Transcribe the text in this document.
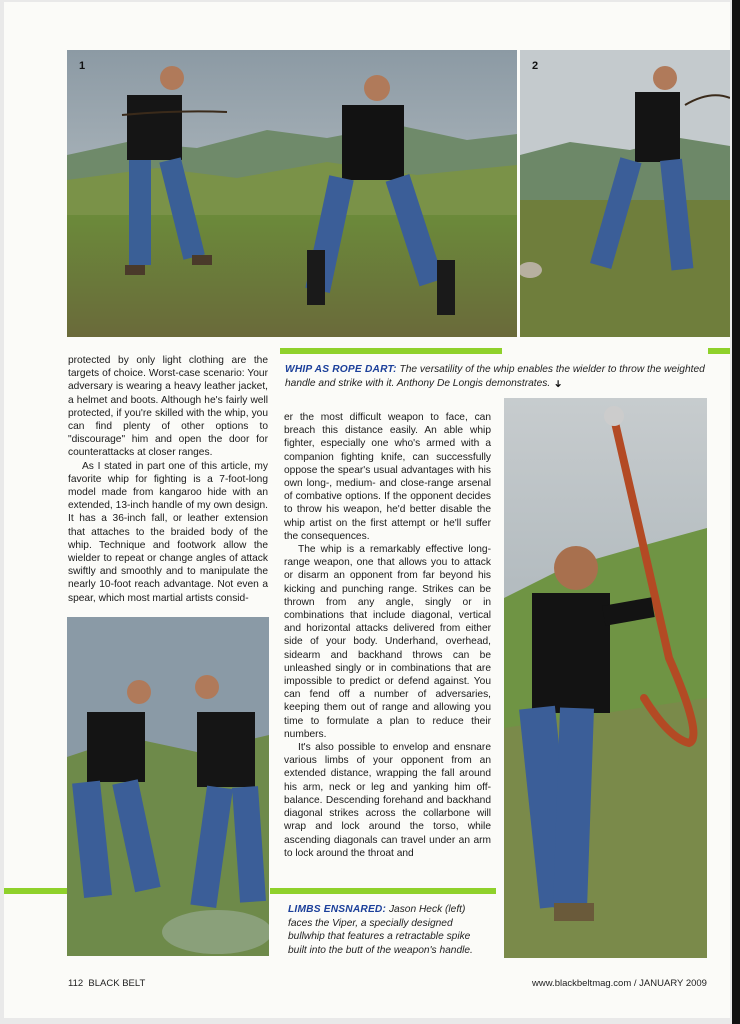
1	2

protected by only light clothing are the targets of choice. Worst-case scenario: Your adversary is wearing a heavy leather jacket, a helmet and boots. Although he's fairly well protected, if you're skilled with the whip, you can find plenty of other options to "discourage" him and open the door for counterattacks at closer ranges.

As I stated in part one of this article, my favorite whip for fighting is a 7-foot-long model made from kangaroo hide with an extended, 13-inch handle of my own design. It has a 36-inch fall, or leather extension that attaches to the braided body of the whip. Technique and footwork allow the wielder to repeat or change angles of attack swiftly and smoothly and to manipulate the nearly 10-foot reach advantage. Not even a spear, which most martial artists consid-

WHIP AS ROPE DART: The versatility of the whip enables the wielder to throw the weighted handle and strike with it. Anthony De Longis demonstrates. ➜

er the most difficult weapon to face, can breach this distance easily. An able whip fighter, especially one who's armed with a companion fighting knife, can successfully oppose the spear's usual advantages with his own long-, medium- and close-range arsenal of combative options. If the opponent decides to throw his weapon, he'd better disable the whip artist on the first attempt or he'll suffer the consequences.

The whip is a remarkably effective long-range weapon, one that allows you to attack or disarm an opponent from far beyond his kicking and punching range. Strikes can be thrown from any angle, singly or in combinations that include diagonal, vertical and horizontal attacks delivered from either side of your body. Underhand, overhead, sidearm and backhand throws can be unleashed singly or in combinations that are impossible to predict or defend against. You can fend off a number of adversaries, keeping them out of range and allowing you time to formulate a plan to reduce their numbers.

It's also possible to envelop and ensnare various limbs of your opponent from an extended distance, wrapping the fall around his arm, neck or leg and yanking him off-balance. Descending forehand and backhand diagonal strikes across the collarbone will wrap and lock around the torso, while ascending diagonals can travel under an arm to lock around the throat and

LIMBS ENSNARED: Jason Heck (left) faces the Viper, a specially designed bullwhip that features a retractable spike built into the butt of the weapon's handle.
112  BLACK BELT	www.blackbeltmag.com / JANUARY 2009
